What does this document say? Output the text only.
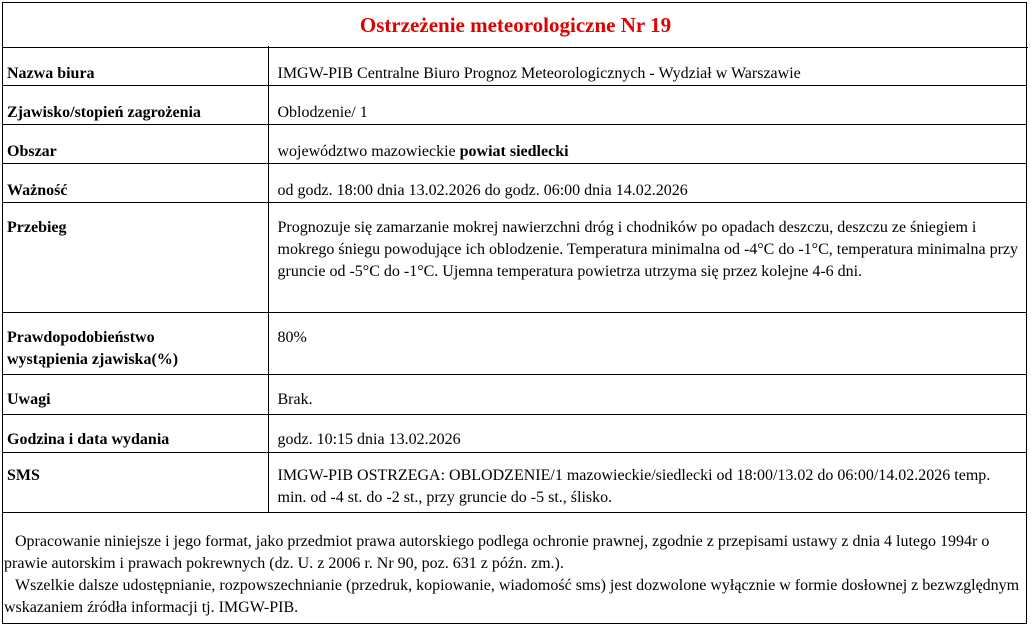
Ostrzeżenie meteorologiczne Nr 19
Nazwa biura	IMGW-PIB Centralne Biuro Prognoz Meteorologicznych - Wydział w Warszawie
Zjawisko/stopień zagrożenia	Oblodzenie/ 1
Obszar	województwo mazowieckie powiat siedlecki
Ważność	od godz. 18:00 dnia 13.02.2026 do godz. 06:00 dnia 14.02.2026
Przebieg	Prognozuje się zamarzanie mokrej nawierzchni dróg i chodników po opadach deszczu, deszczu ze śniegiem i mokrego śniegu powodujące ich oblodzenie. Temperatura minimalna od -4°C do -1°C, temperatura minimalna przy gruncie od -5°C do -1°C. Ujemna temperatura powietrza utrzyma się przez kolejne 4-6 dni.
Prawdopodobieństwo wystąpienia zjawiska(%)	80%
Uwagi	Brak.
Godzina i data wydania	godz. 10:15 dnia 13.02.2026
SMS	IMGW-PIB OSTRZEGA: OBLODZENIE/1 mazowieckie/siedlecki od 18:00/13.02 do 06:00/14.02.2026 temp. min. od -4 st. do -2 st., przy gruncie do -5 st., ślisko.

Opracowanie niniejsze i jego format, jako przedmiot prawa autorskiego podlega ochronie prawnej, zgodnie z przepisami ustawy z dnia 4 lutego 1994r o prawie autorskim i prawach pokrewnych (dz. U. z 2006 r. Nr 90, poz. 631 z późn. zm.).

Wszelkie dalsze udostępnianie, rozpowszechnianie (przedruk, kopiowanie, wiadomość sms) jest dozwolone wyłącznie w formie dosłownej z bezwzględnym wskazaniem źródła informacji tj. IMGW-PIB.
